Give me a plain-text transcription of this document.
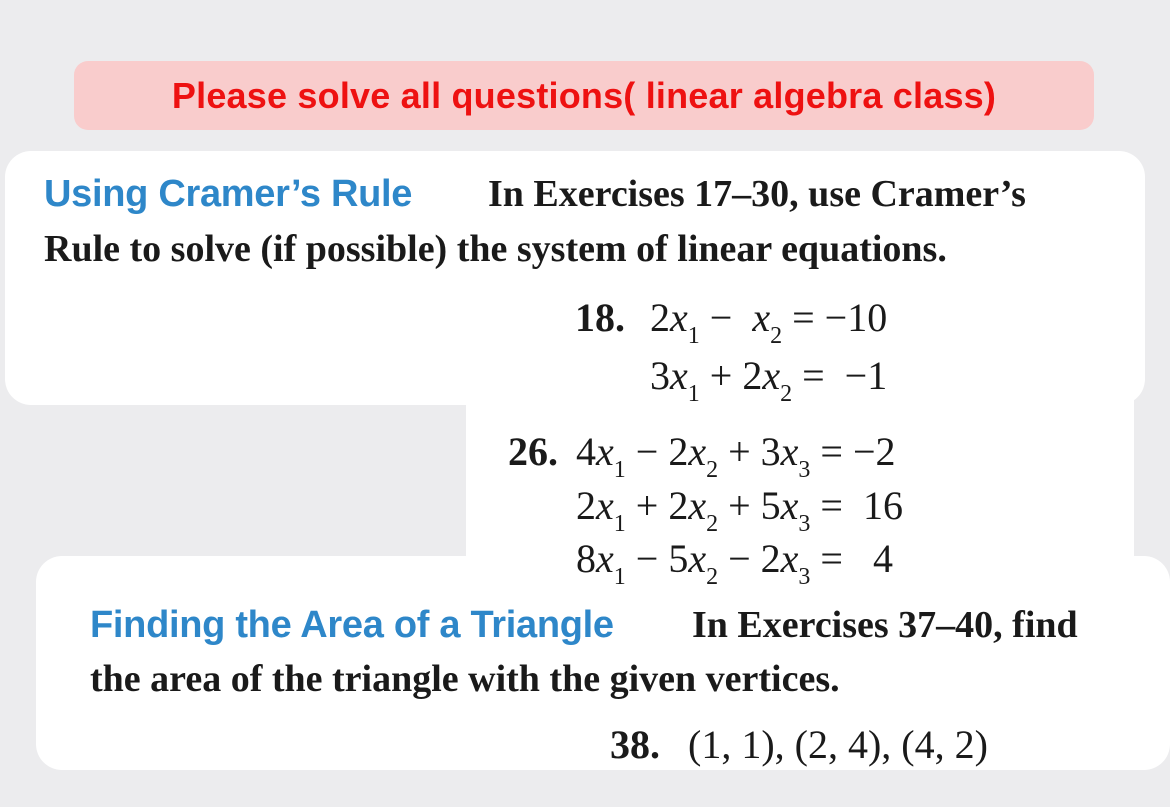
Please solve all questions( linear algebra class)
Using Cramer’s Rule In Exercises 17–30, use Cramer’s
Rule to solve (if possible) the system of linear equations.
18. $2x_1 - x_2 = -10$
$3x_1 + 2x_2 = -1$
26. $4x_1 - 2x_2 + 3x_3 = -2$
$2x_1 + 2x_2 + 5x_3 = 16$
$8x_1 - 5x_2 - 2x_3 = 4$
Finding the Area of a Triangle In Exercises 37–40, find
the area of the triangle with the given vertices.
38. (1, 1), (2, 4), (4, 2)
